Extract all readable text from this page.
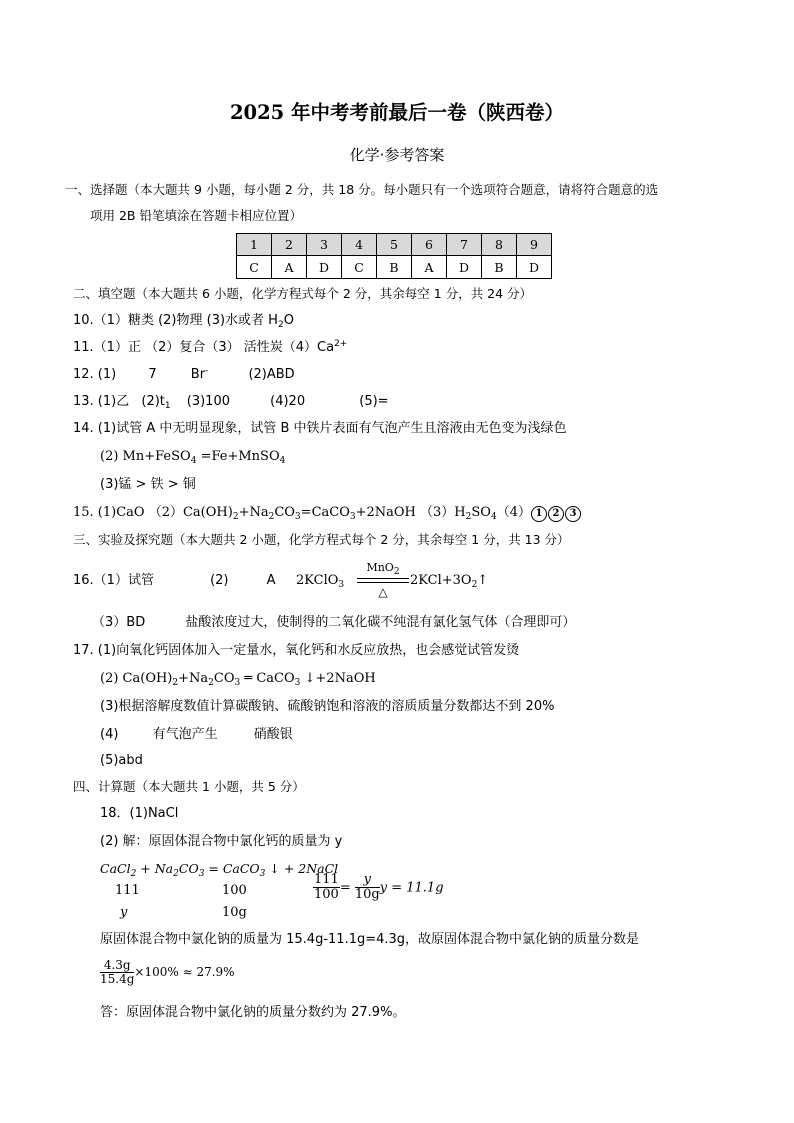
2025 年中考考前最后一卷（陕西卷）
化学·参考答案
一、选择题（本大题共 9 小题，每小题 2 分，共 18 分。每小题只有一个选项符合题意，请将符合题意的选
项用 2B 铅笔填涂在答题卡相应位置）
1	2	3	4	5	6	7	8	9
C	A	D	C	B	A	D	B	D
二、填空题（本大题共 6 小题，化学方程式每个 2 分，其余每空 1 分，共 24 分）
10.（1）糖类 (2)物理 (3)水或者 $H_2O$
11.（1）正 （2）复合（3） 活性炭$(4)Ca^{2+}$
12. (1) 7	Br-	(2)ABD
13. (1)乙 $(2)t_1$ (3)100	(4)20	(5)=
14. (1)试管 A 中无明显现象，试管 B 中铁片表面有气泡产生且溶液由无色变为浅绿色
(2) Mn+FeSO$_4$ =Fe+MnSO$_4$
(3)锰 > 铁 > 铜
15. (1)CaO $(2)Ca(OH)_2+Na_2CO_3=CaCO_3+2NaOH$ $(3)H_2SO_4(4)$ 1 2 3
三、实验及探究题（本大题共 2 小题，化学方程式每个 2 分，其余每空 1 分，共 13 分）
16.（1）试管	(2)	A 2KClO$_3$
MnO$_2$
△
$2KCl+3O_2↑$
（3）BD	盐酸浓度过大，使制得的二氧化碳不纯混有氯化氢气体（合理即可）
17. (1)向氧化钙固体加入一定量水，氧化钙和水反应放热，也会感觉试管发烫
(2) $Ca(OH)_2+Na_2CO_3$ ═ CaCO$_3$ ↓+2NaOH
(3)根据溶解度数值计算碳酸钠、硫酸钠饱和溶液的溶质质量分数都达不到 20%
(4)	有气泡产生	硝酸银
(5)abd
四、计算题（本大题共 1 小题，共 5 分）
18．(1)NaCl
(2) 解：原固体混合物中氯化钙的质量为 y
CaCl$_2$ + $Na_2CO_3$ = CaCO$_3$ ↓ + 2NaCl
111	100
y	10g
$\frac{111}{100} = \frac{y}{10g}$ y = 11.1g
原固体混合物中氯化钠的质量为 15.4g-11.1g=4.3g，故原固体混合物中氯化钠的质量分数是
$\frac{4.3g}{15.4g} \times 100\% \approx 27.9\%$
答：原固体混合物中氯化钠的质量分数约为 27.9%。
